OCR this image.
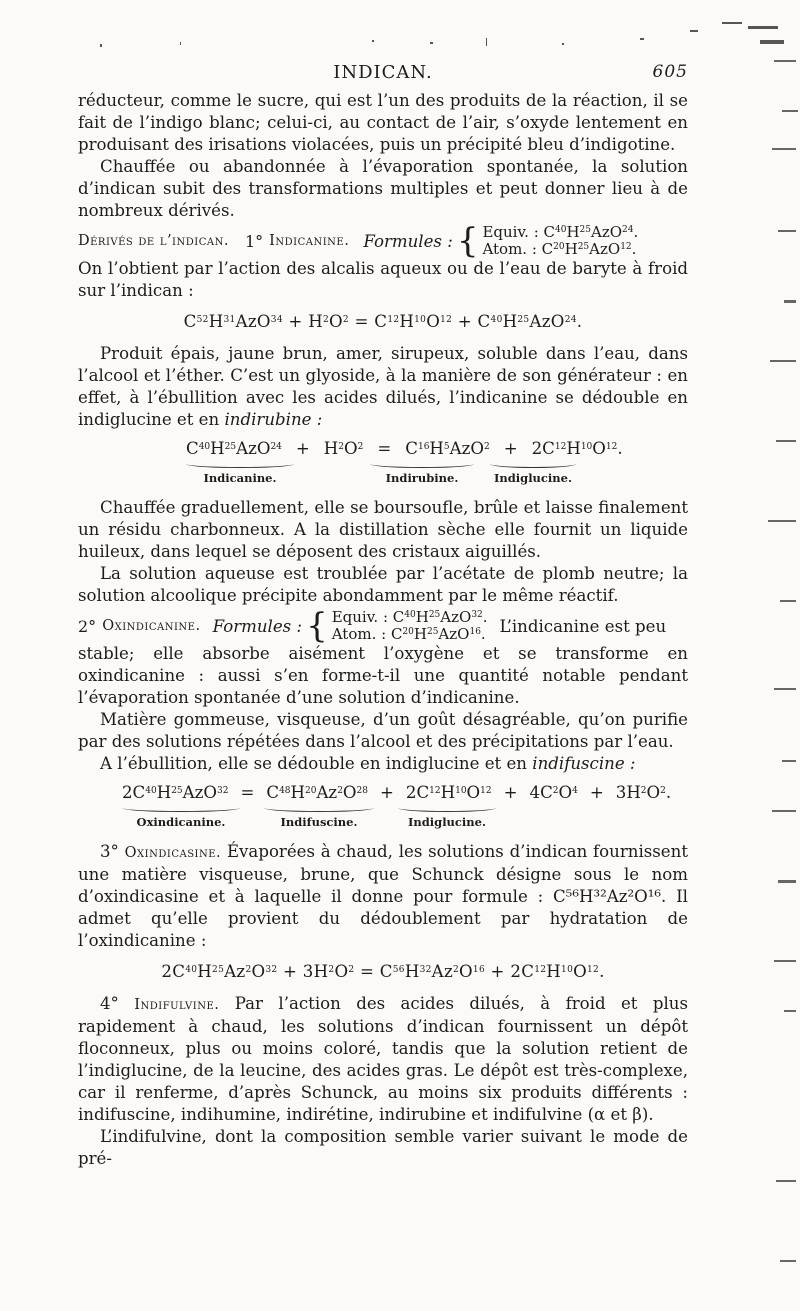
INDICAN.	605

réducteur, comme le sucre, qui est l’un des produits de la réaction, il se fait de l’indigo blanc; celui-ci, au contact de l’air, s’oxyde lentement en produisant des irisations violacées, puis un précipité bleu d’indigotine.

Chauffée ou abandonnée à l’évaporation spontanée, la solution d’indican subit des transformations multiples et peut donner lieu à de nombreux dérivés.

Dérivés de l’indican. 1° Indicanine. Formules : { Equiv. : $C^{40}H^{25}AzO^{24}$.
Atom. : $C^{20}H^{25}AzO^{12}$.

On l’obtient par l’action des alcalis aqueux ou de l’eau de baryte à froid sur l’indican :

$C^{52}H^{31}AzO^{34} + H^2O^2 = C^{12}H^{10}O^{12} + C^{40}H^{25}AzO^{24}$.

Produit épais, jaune brun, amer, sirupeux, soluble dans l’eau, dans l’alcool et l’éther. C’est un glyoside, à la manière de son générateur : en effet, à l’ébullition avec les acides dilués, l’indicanine se dédouble en indiglucine et en indirubine :

$C^{40}H^{25}AzO^{24} + H^2O^2 = C^{16}H^5AzO^2 + 2C^{12}H^{10}O^{12}$.
Indicanine.	Indirubine.	Indiglucine.

Chauffée graduellement, elle se boursoufle, brûle et laisse finalement un résidu charbonneux. A la distillation sèche elle fournit un liquide huileux, dans lequel se déposent des cristaux aiguillés.

La solution aqueuse est troublée par l’acétate de plomb neutre; la solution alcoolique précipite abondamment par le même réactif.

2° Oxindicanine. Formules : { Equiv. : $C^{40}H^{25}AzO^{32}$.
Atom. : $C^{20}H^{25}AzO^{16}$. L’indicanine est peu

stable; elle absorbe aisément l’oxygène et se transforme en oxindicanine : aussi s’en forme-t-il une quantité notable pendant l’évaporation spontanée d’une solution d’indicanine.

Matière gommeuse, visqueuse, d’un goût désagréable, qu’on purifie par des solutions répétées dans l’alcool et des précipitations par l’eau.

A l’ébullition, elle se dédouble en indiglucine et en indifuscine :

$2C^{40}H^{25}AzO^{32} = C^{48}H^{20}Az^2O^{28} + 2C^{12}H^{10}O^{12} + 4C^2O^4 + 3H^2O^2$.
Oxindicanine.	Indifuscine.	Indiglucine.

3° Oxindicasine. Évaporées à chaud, les solutions d’indican fournissent une matière visqueuse, brune, que Schunck désigne sous le nom d’oxindicasine et à laquelle il donne pour formule : C⁵⁶H³²Az²O¹⁶. Il admet qu’elle provient du dédoublement par hydratation de l’oxindicanine :

$2C^{40}H^{25}Az^2O^{32} + 3H^2O^2 = C^{56}H^{32}Az^2O^{16} + 2C^{12}H^{10}O^{12}$.

4° Indifulvine. Par l’action des acides dilués, à froid et plus rapidement à chaud, les solutions d’indican fournissent un dépôt floconneux, plus ou moins coloré, tandis que la solution retient de l’indiglucine, de la leucine, des acides gras. Le dépôt est très-complexe, car il renferme, d’après Schunck, au moins six produits différents : indifuscine, indihumine, indirétine, indirubine et indifulvine (α et β).

L’indifulvine, dont la composition semble varier suivant le mode de pré-
